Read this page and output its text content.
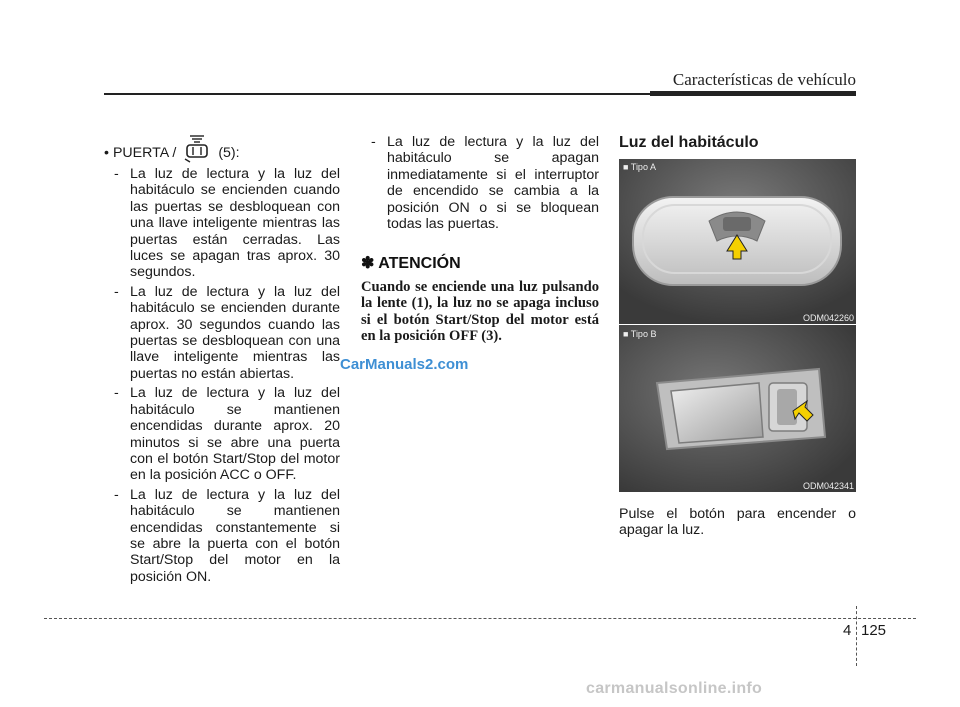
Características de vehículo
• PUERTA /	(5):
- La luz de lectura y la luz del habitáculo se encienden cuando las puertas se desbloquean con una llave inteligente mientras las puertas están cerradas. Las luces se apagan tras aprox. 30 segundos.
- La luz de lectura y la luz del habitáculo se encienden durante aprox. 30 segundos cuando las puertas se desbloquean con una llave inteligente mientras las puertas no están abiertas.
- La luz de lectura y la luz del habitáculo se mantienen encendidas durante aprox. 20 minutos si se abre una puerta con el botón Start/Stop del motor en la posición ACC o OFF.
- La luz de lectura y la luz del habitáculo se mantienen encendidas constantemente si se abre la puerta con el botón Start/Stop del motor en la posición ON.
- La luz de lectura y la luz del habitáculo se apagan inmediatamente si el interruptor de encendido se cambia a la posición ON o si se bloquean todas las puertas.
✽ ATENCIÓN

Cuando se enciende una luz pulsando la lente (1), la luz no se apaga incluso si el botón Start/Stop del motor está en la posición OFF (3).

Luz del habitáculo
■ Tipo A
ODM042260
■ Tipo B
ODM042341

Pulse el botón para encender o apagar la luz.

CarManuals2.com
4 125
carmanualsonline.info
